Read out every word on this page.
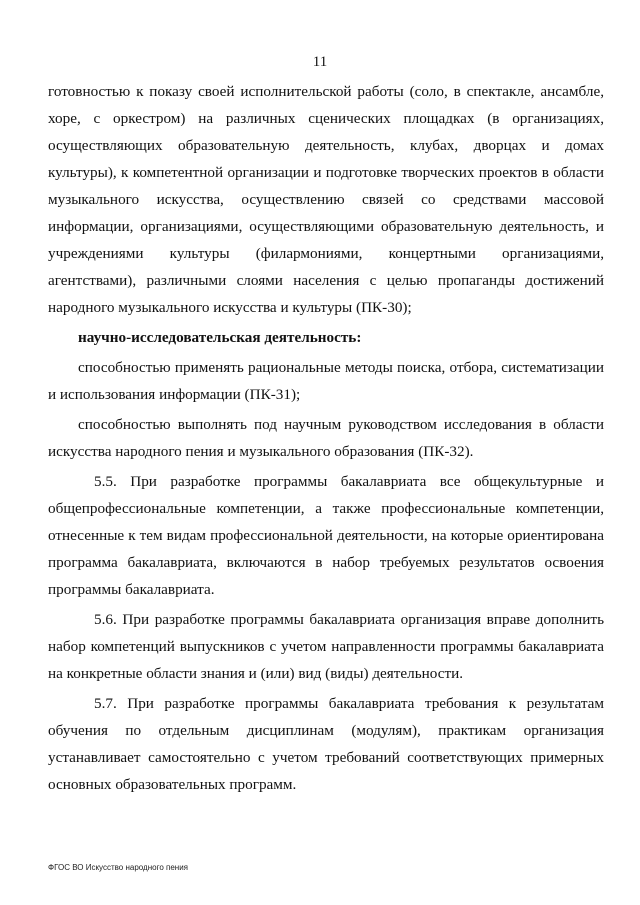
11

готовностью к показу своей исполнительской работы (соло, в спектакле, ансамбле, хоре, с оркестром) на различных сценических площадках (в организациях, осуществляющих образовательную деятельность, клубах, дворцах и домах культуры), к компетентной организации и подготовке творческих проектов в области музыкального искусства, осуществлению связей со средствами массовой информации, организациями, осуществляющими образовательную деятельность, и учреждениями культуры (филармониями, концертными организациями, агентствами), различными слоями населения с целью пропаганды достижений народного музыкального искусства и культуры (ПК-30);

научно-исследовательская деятельность:

способностью применять рациональные методы поиска, отбора, систематизации и использования информации (ПК-31);

способностью выполнять под научным руководством исследования в области искусства народного пения и музыкального образования (ПК-32).

5.5. При разработке программы бакалавриата все общекультурные и общепрофессиональные компетенции, а также профессиональные компетенции, отнесенные к тем видам профессиональной деятельности, на которые ориентирована программа бакалавриата, включаются в набор требуемых результатов освоения программы бакалавриата.

5.6. При разработке программы бакалавриата организация вправе дополнить набор компетенций выпускников с учетом направленности программы бакалавриата на конкретные области знания и (или) вид (виды) деятельности.

5.7. При разработке программы бакалавриата требования к результатам обучения по отдельным дисциплинам (модулям), практикам организация устанавливает самостоятельно с учетом требований соответствующих примерных основных образовательных программ.

ФГОС ВО Искусство народного пения
